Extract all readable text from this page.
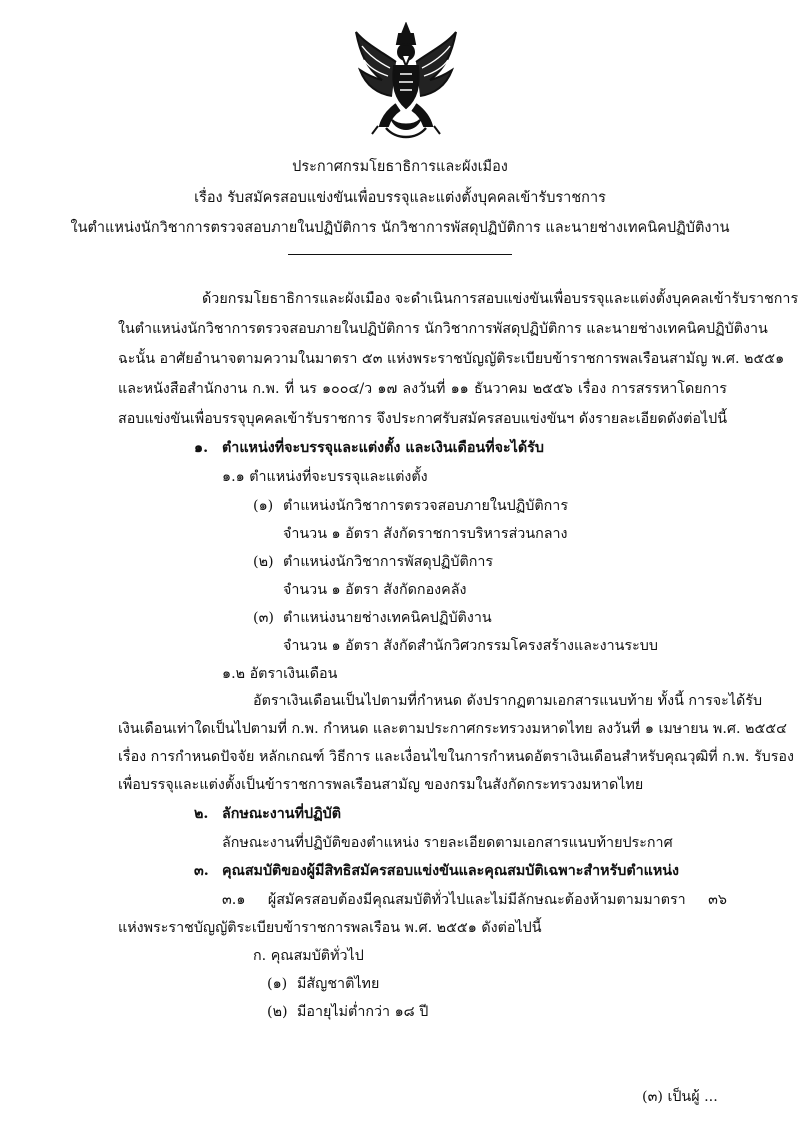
ประกาศกรมโยธาธิการและผังเมือง
เรื่อง รับสมัครสอบแข่งขันเพื่อบรรจุและแต่งตั้งบุคคลเข้ารับราชการ
ในตำแหน่งนักวิชาการตรวจสอบภายในปฏิบัติการ นักวิชาการพัสดุปฏิบัติการ และนายช่างเทคนิคปฏิบัติงาน
ด้วยกรมโยธาธิการและผังเมือง จะดำเนินการสอบแข่งขันเพื่อบรรจุและแต่งตั้งบุคคลเข้ารับราชการ
ในตำแหน่งนักวิชาการตรวจสอบภายในปฏิบัติการ นักวิชาการพัสดุปฏิบัติการ และนายช่างเทคนิคปฏิบัติงาน
ฉะนั้น อาศัยอำนาจตามความในมาตรา ๕๓ แห่งพระราชบัญญัติระเบียบข้าราชการพลเรือนสามัญ พ.ศ. ๒๕๕๑
และหนังสือสำนักงาน ก.พ. ที่ นร ๑๐๐๔/ว ๑๗ ลงวันที่ ๑๑ ธันวาคม ๒๕๕๖ เรื่อง การสรรหาโดยการ
สอบแข่งขันเพื่อบรรจุบุคคลเข้ารับราชการ จึงประกาศรับสมัครสอบแข่งขันฯ ดังรายละเอียดดังต่อไปนี้
๑. ตำแหน่งที่จะบรรจุและแต่งตั้ง และเงินเดือนที่จะได้รับ
๑.๑ ตำแหน่งที่จะบรรจุและแต่งตั้ง
(๑) ตำแหน่งนักวิชาการตรวจสอบภายในปฏิบัติการ
จำนวน ๑ อัตรา สังกัดราชการบริหารส่วนกลาง
(๒) ตำแหน่งนักวิชาการพัสดุปฏิบัติการ
จำนวน ๑ อัตรา สังกัดกองคลัง
(๓) ตำแหน่งนายช่างเทคนิคปฏิบัติงาน
จำนวน ๑ อัตรา สังกัดสำนักวิศวกรรมโครงสร้างและงานระบบ
๑.๒ อัตราเงินเดือน
อัตราเงินเดือนเป็นไปตามที่กำหนด ดังปรากฏตามเอกสารแนบท้าย ทั้งนี้ การจะได้รับ
เงินเดือนเท่าใดเป็นไปตามที่ ก.พ. กำหนด และตามประกาศกระทรวงมหาดไทย ลงวันที่ ๑ เมษายน พ.ศ. ๒๕๕๔
เรื่อง การกำหนดปัจจัย หลักเกณฑ์ วิธีการ และเงื่อนไขในการกำหนดอัตราเงินเดือนสำหรับคุณวุฒิที่ ก.พ. รับรอง
เพื่อบรรจุและแต่งตั้งเป็นข้าราชการพลเรือนสามัญ ของกรมในสังกัดกระทรวงมหาดไทย
๒. ลักษณะงานที่ปฏิบัติ
ลักษณะงานที่ปฏิบัติของตำแหน่ง รายละเอียดตามเอกสารแนบท้ายประกาศ
๓. คุณสมบัติของผู้มีสิทธิสมัครสอบแข่งขันและคุณสมบัติเฉพาะสำหรับตำแหน่ง
๓.๑ ผู้สมัครสอบต้องมีคุณสมบัติทั่วไปและไม่มีลักษณะต้องห้ามตามมาตรา ๓๖
แห่งพระราชบัญญัติระเบียบข้าราชการพลเรือน พ.ศ. ๒๕๕๑ ดังต่อไปนี้
ก. คุณสมบัติทั่วไป
(๑) มีสัญชาติไทย
(๒) มีอายุไม่ต่ำกว่า ๑๘ ปี
(๓) เป็นผู้ ...
